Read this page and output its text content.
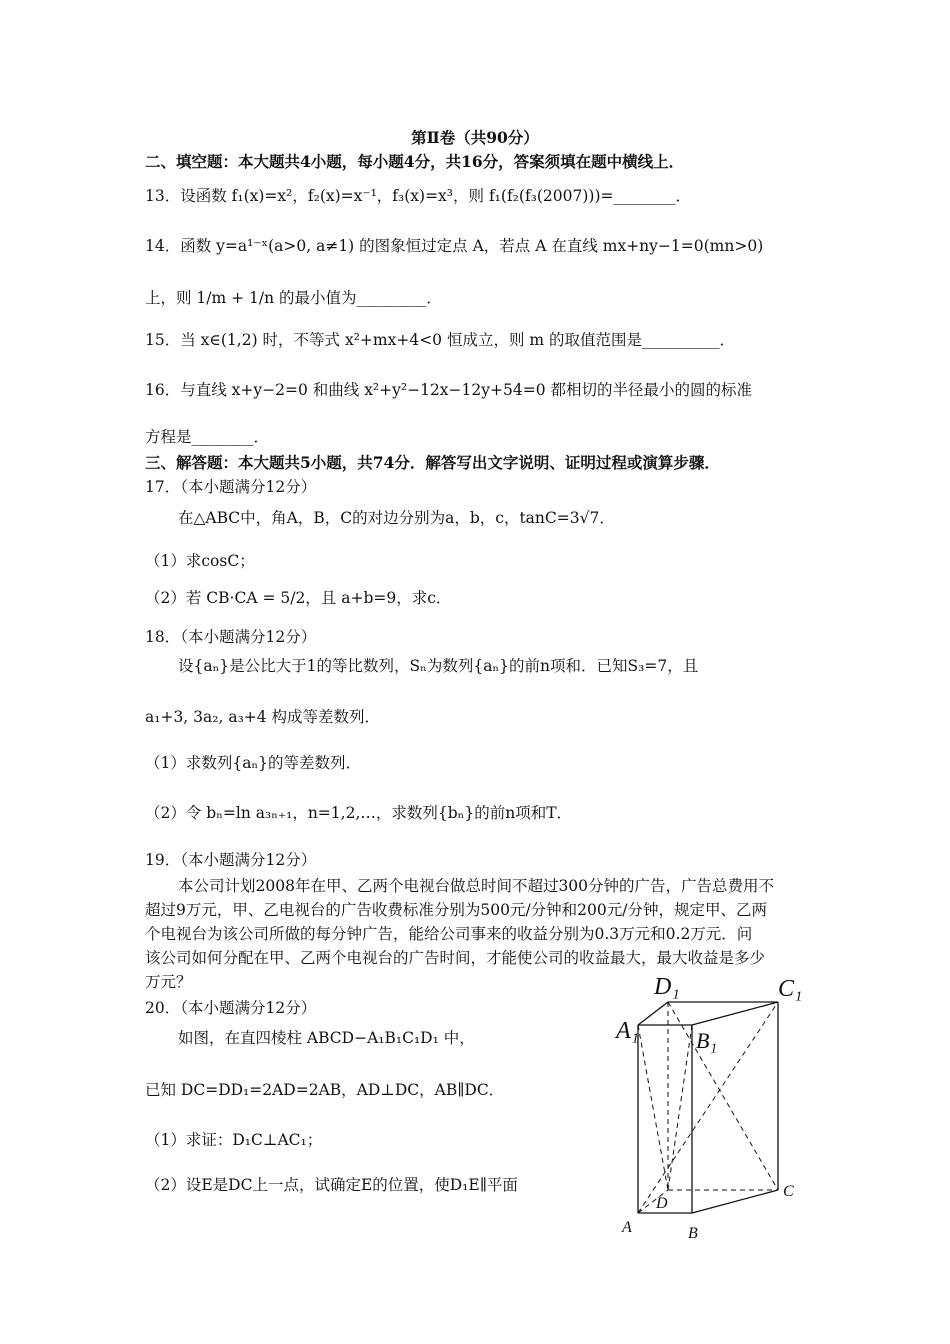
第Ⅱ卷（共90分）
二、填空题：本大题共4小题，每小题4分，共16分，答案须填在题中横线上．
13．设函数 f₁(x)=x²，f₂(x)=x⁻¹，f₃(x)=x³，则 f₁(f₂(f₃(2007)))=________．
14．函数 y=a¹⁻ˣ(a>0, a≠1) 的图象恒过定点 A，若点 A 在直线 mx+ny−1=0(mn>0)
上，则 1/m + 1/n 的最小值为_________．
15．当 x∈(1,2) 时，不等式 x²+mx+4<0 恒成立，则 m 的取值范围是__________．
16．与直线 x+y−2=0 和曲线 x²+y²−12x−12y+54=0 都相切的半径最小的圆的标准
方程是________．
三、解答题：本大题共5小题，共74分．解答写出文字说明、证明过程或演算步骤．
17．（本小题满分12分）
在△ABC中，角A，B，C的对边分别为a，b，c，tanC=3√7．
（1）求cosC；
（2）若 CB·CA = 5/2，且 a+b=9，求c．
18．（本小题满分12分）
设{aₙ}是公比大于1的等比数列，Sₙ为数列{aₙ}的前n项和．已知S₃=7，且
a₁+3, 3a₂, a₃+4 构成等差数列．
（1）求数列{aₙ}的等差数列．
（2）令 bₙ=ln a₃ₙ₊₁，n=1,2,…，求数列{bₙ}的前n项和T．
19．（本小题满分12分）
本公司计划2008年在甲、乙两个电视台做总时间不超过300分钟的广告，广告总费用不
超过9万元，甲、乙电视台的广告收费标准分别为500元/分钟和200元/分钟，规定甲、乙两
个电视台为该公司所做的每分钟广告，能给公司事来的收益分别为0.3万元和0.2万元．问
该公司如何分配在甲、乙两个电视台的广告时间，才能使公司的收益最大，最大收益是多少
万元？
20．（本小题满分12分）
如图，在直四棱柱 ABCD−A₁B₁C₁D₁ 中，
已知 DC=DD₁=2AD=2AB，AD⊥DC，AB∥DC．
（1）求证：D₁C⊥AC₁；
（2）设E是DC上一点，试确定E的位置，使D₁E∥平面
D₁	C₁
A₁	B₁
D
C
A	B
